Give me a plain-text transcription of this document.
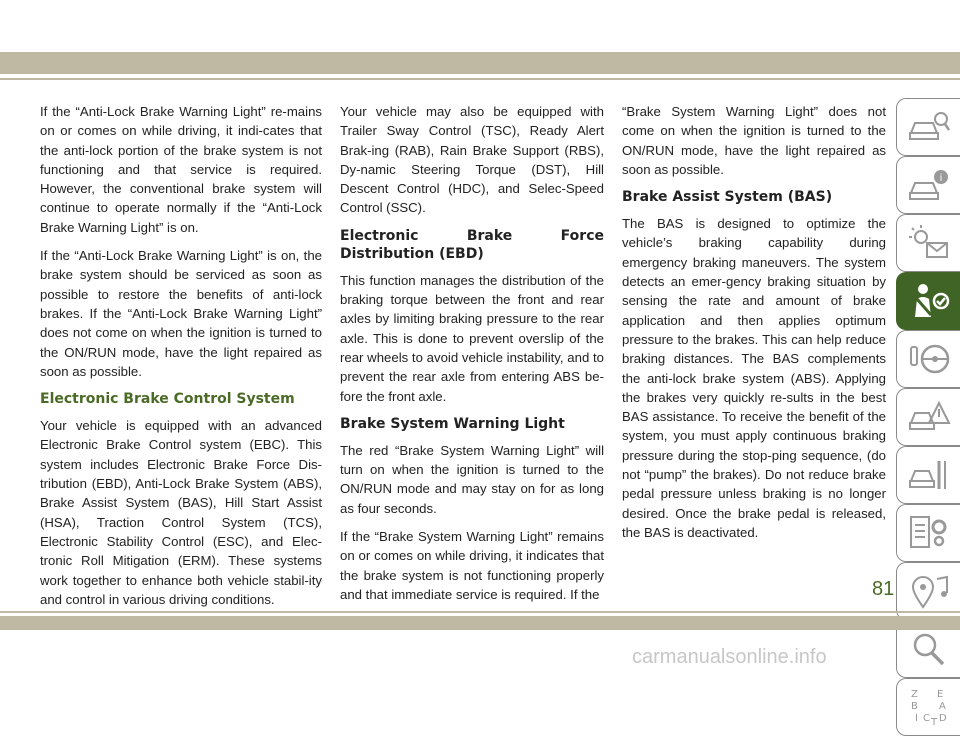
If the “Anti-Lock Brake Warning Light” re-mains on or comes on while driving, it indi-cates that the anti-lock portion of the brake system is not functioning and that service is required. However, the conventional brake system will continue to operate normally if the “Anti-Lock Brake Warning Light” is on.

If the “Anti-Lock Brake Warning Light” is on, the brake system should be serviced as soon as possible to restore the benefits of anti-lock brakes. If the “Anti-Lock Brake Warning Light” does not come on when the ignition is turned to the ON/RUN mode, have the light repaired as soon as possible.

Electronic Brake Control System

Your vehicle is equipped with an advanced Electronic Brake Control system (EBC). This system includes Electronic Brake Force Dis-tribution (EBD), Anti-Lock Brake System (ABS), Brake Assist System (BAS), Hill Start Assist (HSA), Traction Control System (TCS), Electronic Stability Control (ESC), and Elec-tronic Roll Mitigation (ERM). These systems work together to enhance both vehicle stabil-ity and control in various driving conditions.

Your vehicle may also be equipped with Trailer Sway Control (TSC), Ready Alert Brak-ing (RAB), Rain Brake Support (RBS), Dy-namic Steering Torque (DST), Hill Descent Control (HDC), and Selec-Speed Control (SSC).

Electronic Brake Force Distribution (EBD)

This function manages the distribution of the braking torque between the front and rear axles by limiting braking pressure to the rear axle. This is done to prevent overslip of the rear wheels to avoid vehicle instability, and to prevent the rear axle from entering ABS be-fore the front axle.

Brake System Warning Light

The red “Brake System Warning Light” will turn on when the ignition is turned to the ON/RUN mode and may stay on for as long as four seconds.

If the “Brake System Warning Light” remains on or comes on while driving, it indicates that the brake system is not functioning properly and that immediate service is required. If the

“Brake System Warning Light” does not come on when the ignition is turned to the ON/RUN mode, have the light repaired as soon as possible.

Brake Assist System (BAS)

The BAS is designed to optimize the vehicle’s braking capability during emergency braking maneuvers. The system detects an emer-gency braking situation by sensing the rate and amount of brake application and then applies optimum pressure to the brakes. This can help reduce braking distances. The BAS complements the anti-lock brake system (ABS). Applying the brakes very quickly re-sults in the best BAS assistance. To receive the benefit of the system, you must apply continuous braking pressure during the stop-ping sequence, (do not “pump” the brakes). Do not reduce brake pedal pressure unless braking is no longer desired. Once the brake pedal is released, the BAS is deactivated.

i
Z E
B A
D
I C T
81
carmanualsonline.info
